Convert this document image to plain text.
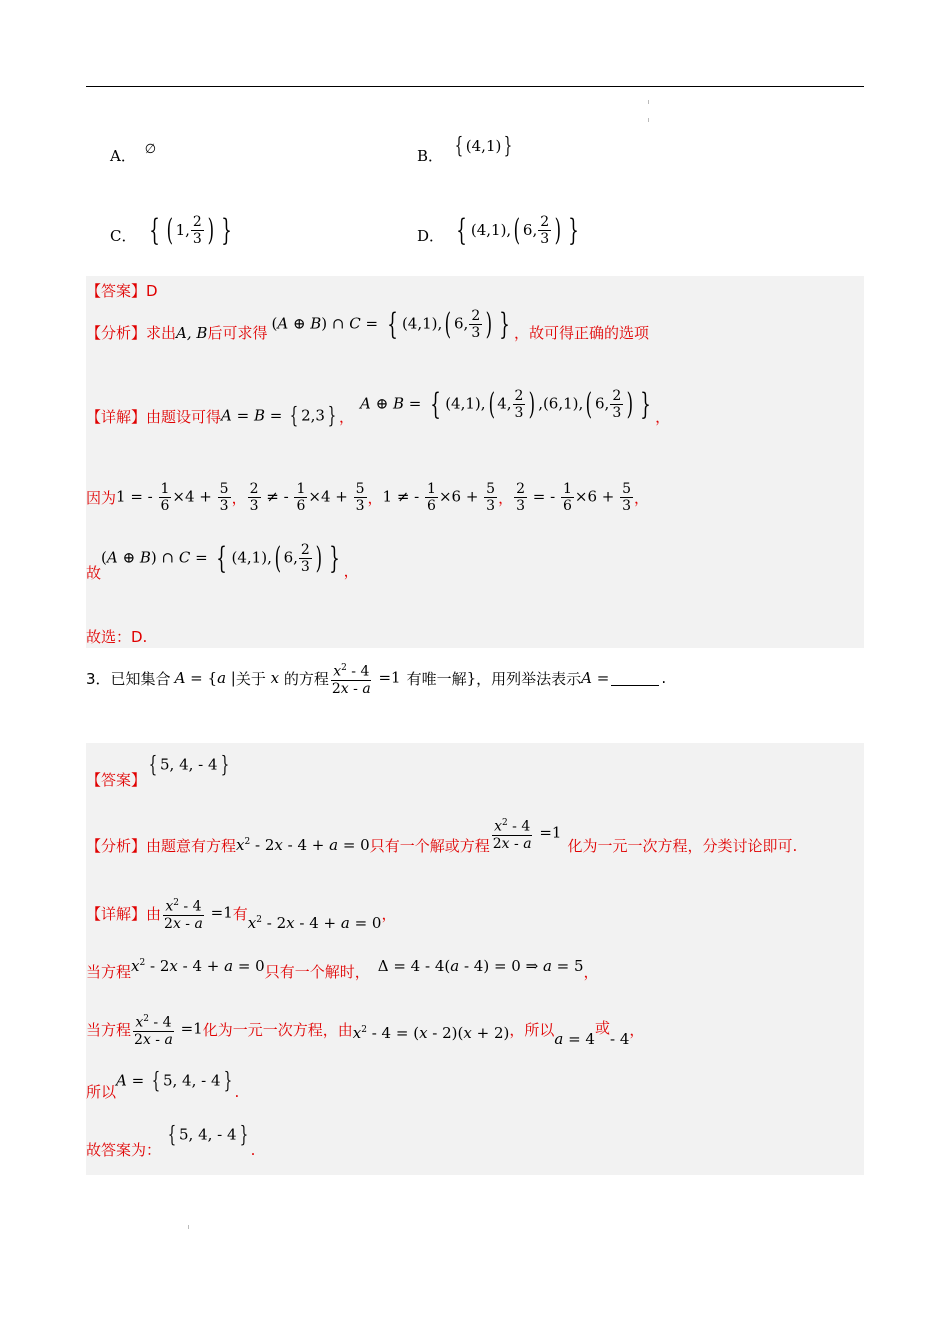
A． ∅	B． { (4,1) }
C． { ( 1, $\frac{2}{3}$ ) }	D． { (4,1),( 6, $\frac{2}{3}$ ) }
【答案】 D
【分析】 求出 A, B 后可求得
(A ⊕ B) ∩ C = { (4,1),( 6, $\frac{2}{3}$ ) } ，故可得正确的选项
【详解】 由题设可得 A = B = { 2,3 } ，
A ⊕ B = { (4,1),( 4, $\frac{2}{3}$ ) ,(6,1),( 6, $\frac{2}{3}$ ) } ，
因为 1 = - $\frac{1}{6} \times 4 + \frac{5}{3}$ ， $\frac{2}{3}$ ≠ - $\frac{1}{6} \times 4 + \frac{5}{3}$ ， 1 ≠ - $\frac{1}{6} \times 6 + \frac{5}{3}$ ， $\frac{2}{3}$ = - $\frac{1}{6} \times 6 + \frac{5}{3}$ ，
故
(A ⊕ B) ∩ C = { (4,1),( 6, $\frac{2}{3}$ ) } ，
故选：D.
3． 已知集合 A = {a | 关于 x 的方程 $\frac{x^2 - 4}{2x - a} =1$ 有唯一解 } ，用列举法表示 A =	.
【答案】
{ 5, 4, - 4 }
【分析】 由题意有方程 $x^2 - 2x - 4 + a = 0$ 只有一个解或方程 $\frac{x^2 - 4}{2x - a} =1$
化为一元一次方程，分类讨论即可.
【详解】 由 $\frac{x^2 - 4}{2x - a} =1$ 有
$x^2 - 2x - 4 + a = 0$
，
当方程 $x^2 - 2x - 4 + a = 0$ 只有一个解时， Δ = 4 - 4(a - 4) = 0 ⇒ a = 5 ，
当方程 $\frac{x^2 - 4}{2x - a} =1$ 化为一元一次方程，由 $x^2 - 4 = (x - 2)(x + 2)$ ，所以
a = 4
或
- 4
，
所以
A = { 5, 4, - 4 } .
故答案为：
{ 5, 4, - 4 }
.
